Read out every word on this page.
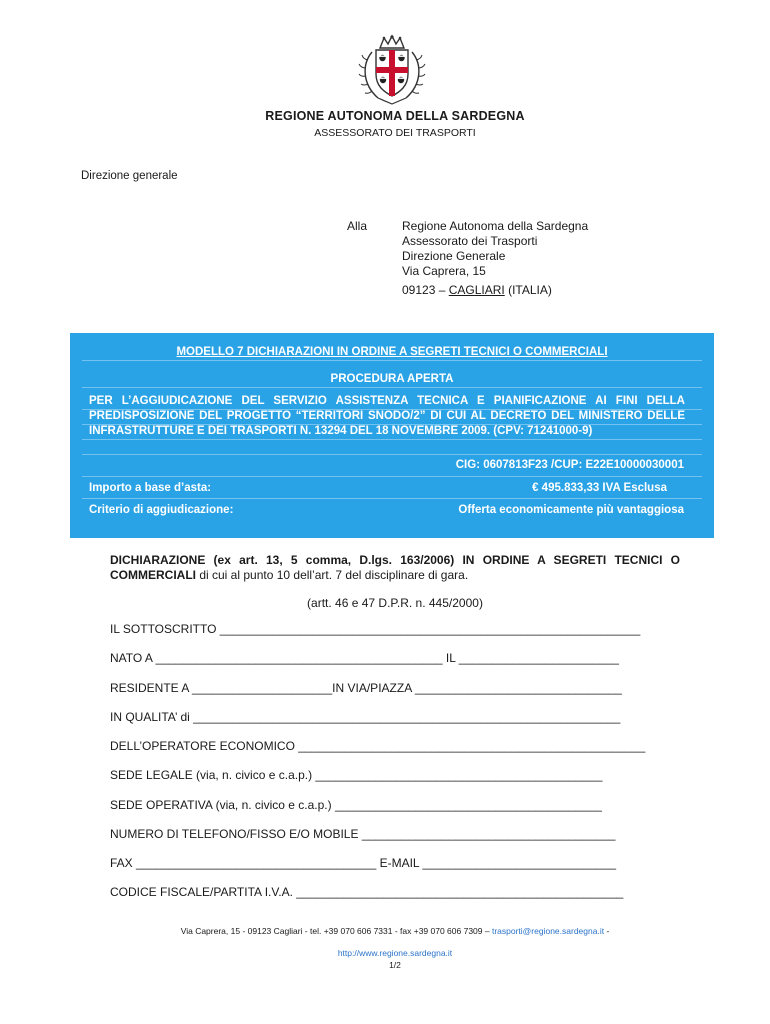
REGIONE AUTONOMA DELLA SARDEGNA
ASSESSORATO DEI TRASPORTI
Direzione generale
Alla	Regione Autonoma della Sardegna
Assessorato dei Trasporti
Direzione Generale
Via Caprera, 15
09123 – CAGLIARI (ITALIA)
MODELLO 7 DICHIARAZIONI IN ORDINE A SEGRETI TECNICI O COMMERCIALI
PROCEDURA APERTA
PER L’AGGIUDICAZIONE DEL SERVIZIO ASSISTENZA TECNICA E PIANIFICAZIONE AI FINI DELLA PREDISPOSIZIONE DEL PROGETTO “TERRITORI SNODO/2” DI CUI AL DECRETO DEL MINISTERO DELLE INFRASTRUTTURE E DEI TRASPORTI N. 13294 DEL 18 NOVEMBRE 2009. (CPV: 71241000-9)
CIG: 0607813F23 /CUP: E22E10000030001
Importo a base d’asta:	€ 495.833,33 IVA Esclusa
Criterio di aggiudicazione:	Offerta economicamente più vantaggiosa
DICHIARAZIONE (ex art. 13, 5 comma, D.lgs. 163/2006) IN ORDINE A SEGRETI TECNICI O COMMERCIALI di cui al punto 10 dell’art. 7 del disciplinare di gara.
(artt. 46 e 47 D.P.R. n. 445/2000)
IL SOTTOSCRITTO _______________________________________________________________
NATO A ___________________________________________ IL ________________________
RESIDENTE A _____________________IN VIA/PIAZZA _______________________________
IN QUALITA’ di ________________________________________________________________
DELL’OPERATORE ECONOMICO ____________________________________________________
SEDE LEGALE (via, n. civico e c.a.p.) ___________________________________________
SEDE OPERATIVA (via, n. civico e c.a.p.) ________________________________________
NUMERO DI TELEFONO/FISSO E/O MOBILE ______________________________________
FAX ____________________________________ E-MAIL _____________________________
CODICE FISCALE/PARTITA I.V.A. _________________________________________________
Via Caprera, 15 - 09123 Cagliari - tel. +39 070 606 7331 - fax +39 070 606 7309 – trasporti@regione.sardegna.it -
http://www.regione.sardegna.it
1/2
